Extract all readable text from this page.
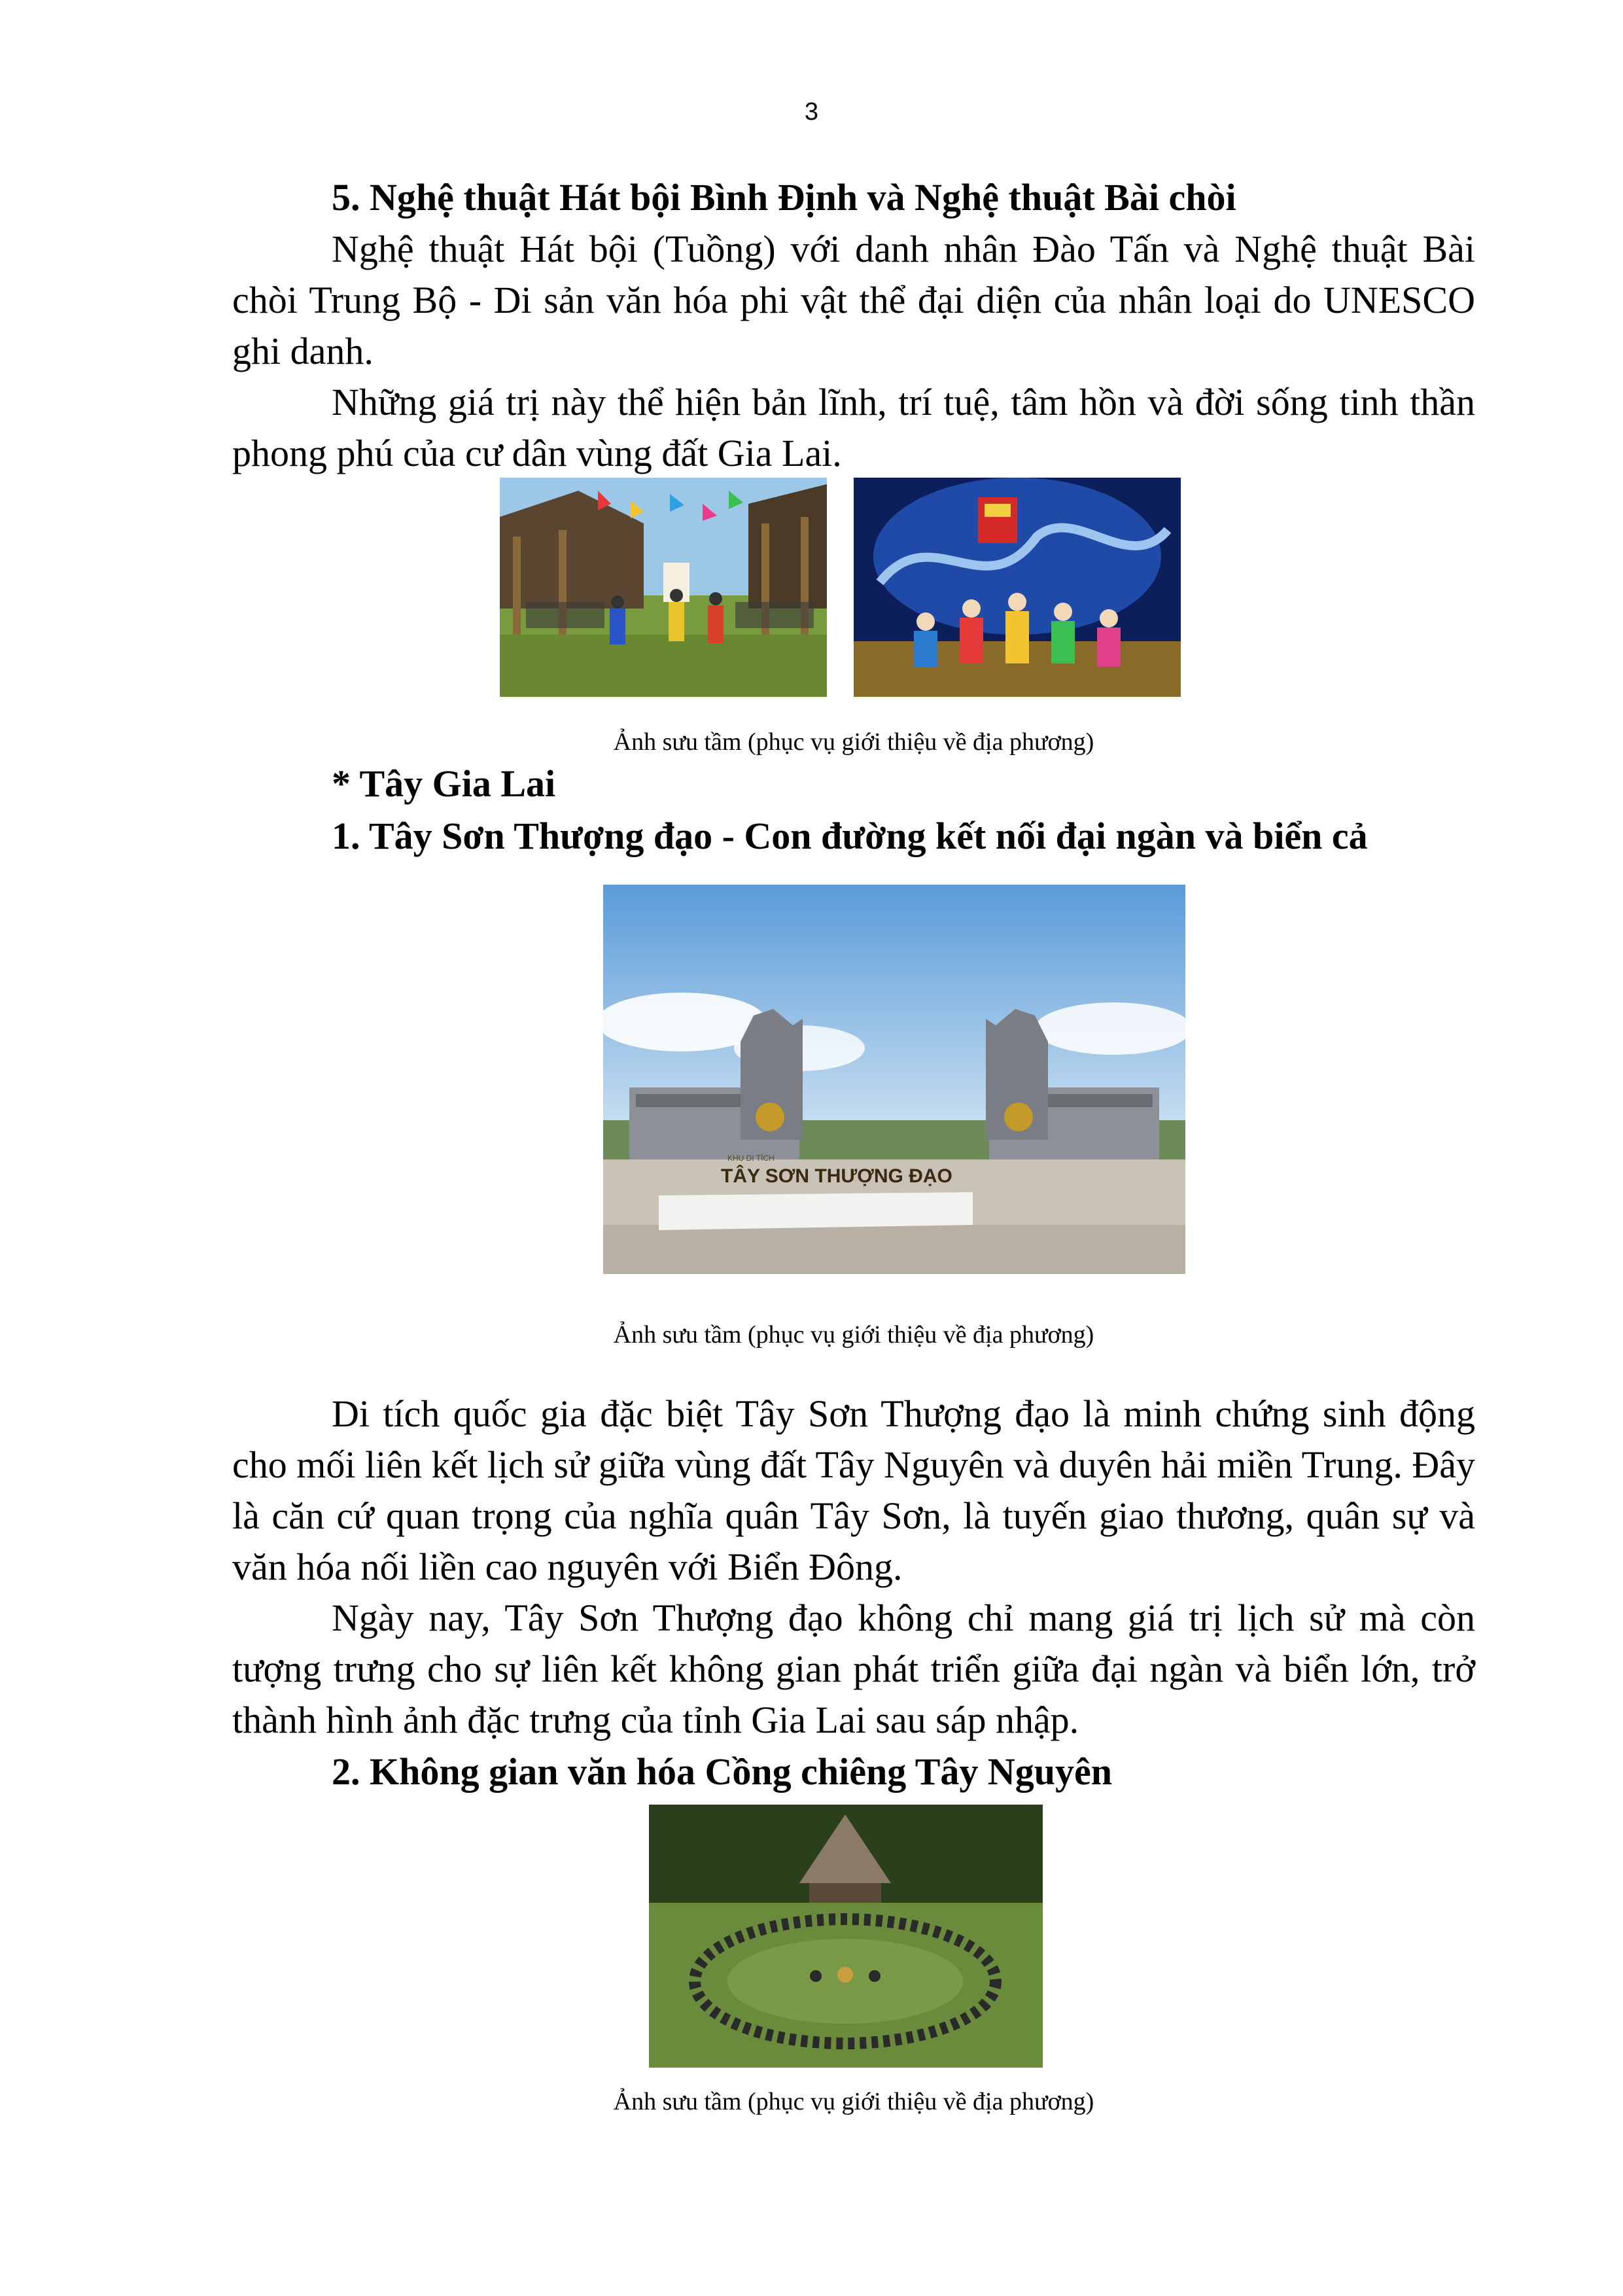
3

5. Nghệ thuật Hát bội Bình Định và Nghệ thuật Bài chòi

Nghệ thuật Hát bội (Tuồng) với danh nhân Đào Tấn và Nghệ thuật Bài chòi Trung Bộ - Di sản văn hóa phi vật thể đại diện của nhân loại do UNESCO ghi danh.

Những giá trị này thể hiện bản lĩnh, trí tuệ, tâm hồn và đời sống tinh thần phong phú của cư dân vùng đất Gia Lai.

Ảnh sưu tầm (phục vụ giới thiệu về địa phương)

* Tây Gia Lai

1. Tây Sơn Thượng đạo - Con đường kết nối đại ngàn và biển cả

KHU DI TÍCH
TÂY SƠN THƯỢNG ĐẠO

Ảnh sưu tầm (phục vụ giới thiệu về địa phương)

Di tích quốc gia đặc biệt Tây Sơn Thượng đạo là minh chứng sinh động cho mối liên kết lịch sử giữa vùng đất Tây Nguyên và duyên hải miền Trung. Đây là căn cứ quan trọng của nghĩa quân Tây Sơn, là tuyến giao thương, quân sự và văn hóa nối liền cao nguyên với Biển Đông.

Ngày nay, Tây Sơn Thượng đạo không chỉ mang giá trị lịch sử mà còn tượng trưng cho sự liên kết không gian phát triển giữa đại ngàn và biển lớn, trở thành hình ảnh đặc trưng của tỉnh Gia Lai sau sáp nhập.

2. Không gian văn hóa Cồng chiêng Tây Nguyên

Ảnh sưu tầm (phục vụ giới thiệu về địa phương)
